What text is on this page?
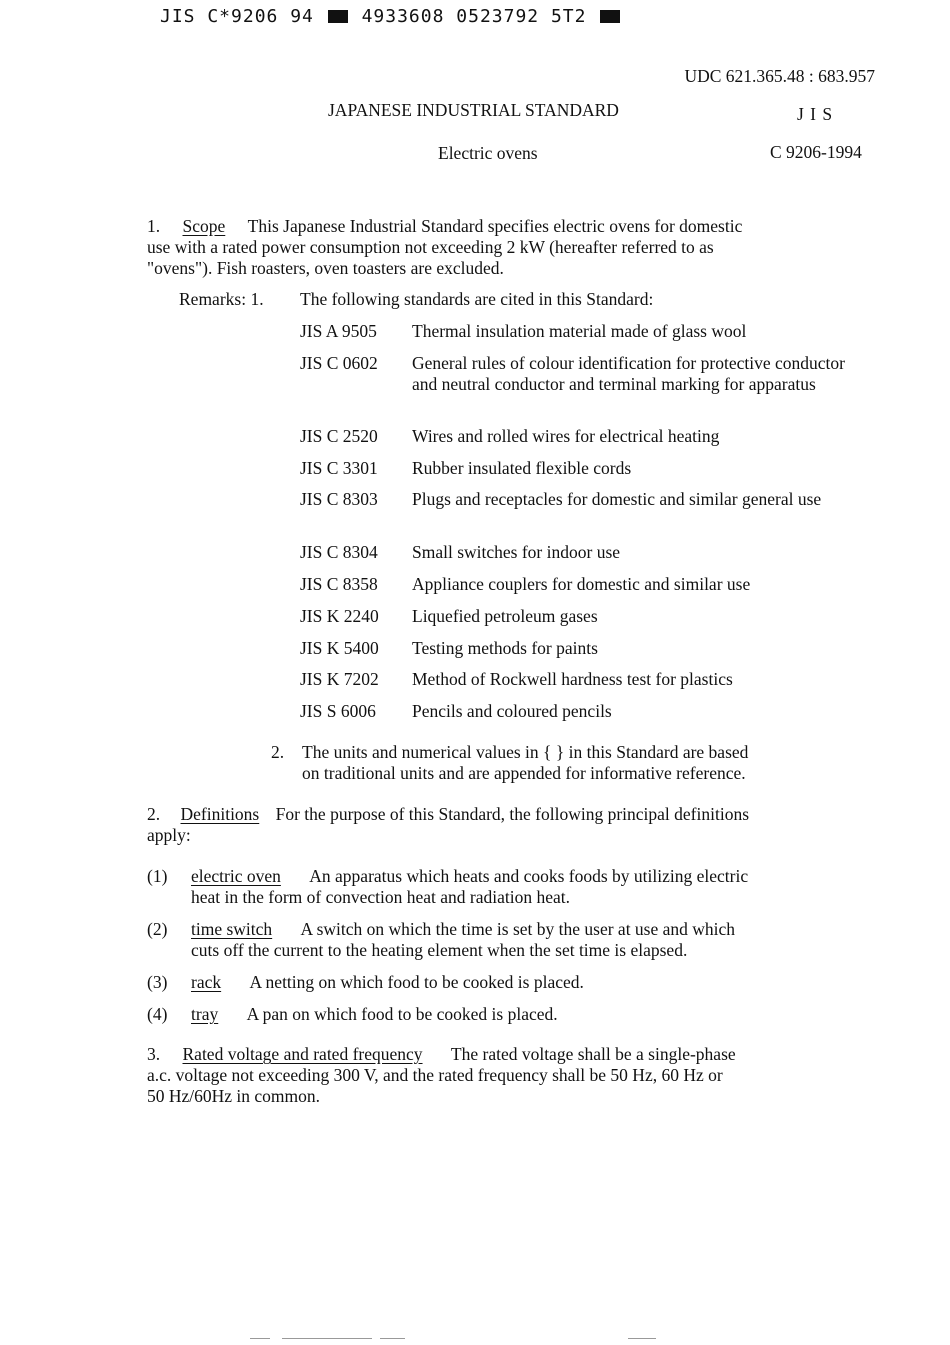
JIS C*9206 94	4933608 0523792 5T2
UDC 621.365.48 : 683.957
JAPANESE INDUSTRIAL STANDARD	J I S
Electric ovens	C 9206-1994
1. Scope This Japanese Industrial Standard specifies electric ovens for domestic
use with a rated power consumption not exceeding 2 kW (hereafter referred to as
"ovens"). Fish roasters, oven toasters are excluded.
Remarks: 1. The following standards are cited in this Standard:
JIS A 9505 Thermal insulation material made of glass wool
JIS C 0602 General rules of colour identification for protective conductor and neutral conductor and terminal marking for apparatus
JIS C 2520 Wires and rolled wires for electrical heating
JIS C 3301 Rubber insulated flexible cords
JIS C 8303 Plugs and receptacles for domestic and similar general use
JIS C 8304 Small switches for indoor use
JIS C 8358 Appliance couplers for domestic and similar use
JIS K 2240 Liquefied petroleum gases
JIS K 5400 Testing methods for paints
JIS K 7202 Method of Rockwell hardness test for plastics
JIS S 6006 Pencils and coloured pencils
2. The units and numerical values in { } in this Standard are based
on traditional units and are appended for informative reference.
2. Definitions For the purpose of this Standard, the following principal definitions
apply:
(1) electric oven An apparatus which heats and cooks foods by utilizing electric
heat in the form of convection heat and radiation heat.
(2) time switch A switch on which the time is set by the user at use and which
cuts off the current to the heating element when the set time is elapsed.
(3) rack A netting on which food to be cooked is placed.
(4) tray A pan on which food to be cooked is placed.
3. Rated voltage and rated frequency The rated voltage shall be a single-phase
a.c. voltage not exceeding 300 V, and the rated frequency shall be 50 Hz, 60 Hz or
50 Hz/60Hz in common.
